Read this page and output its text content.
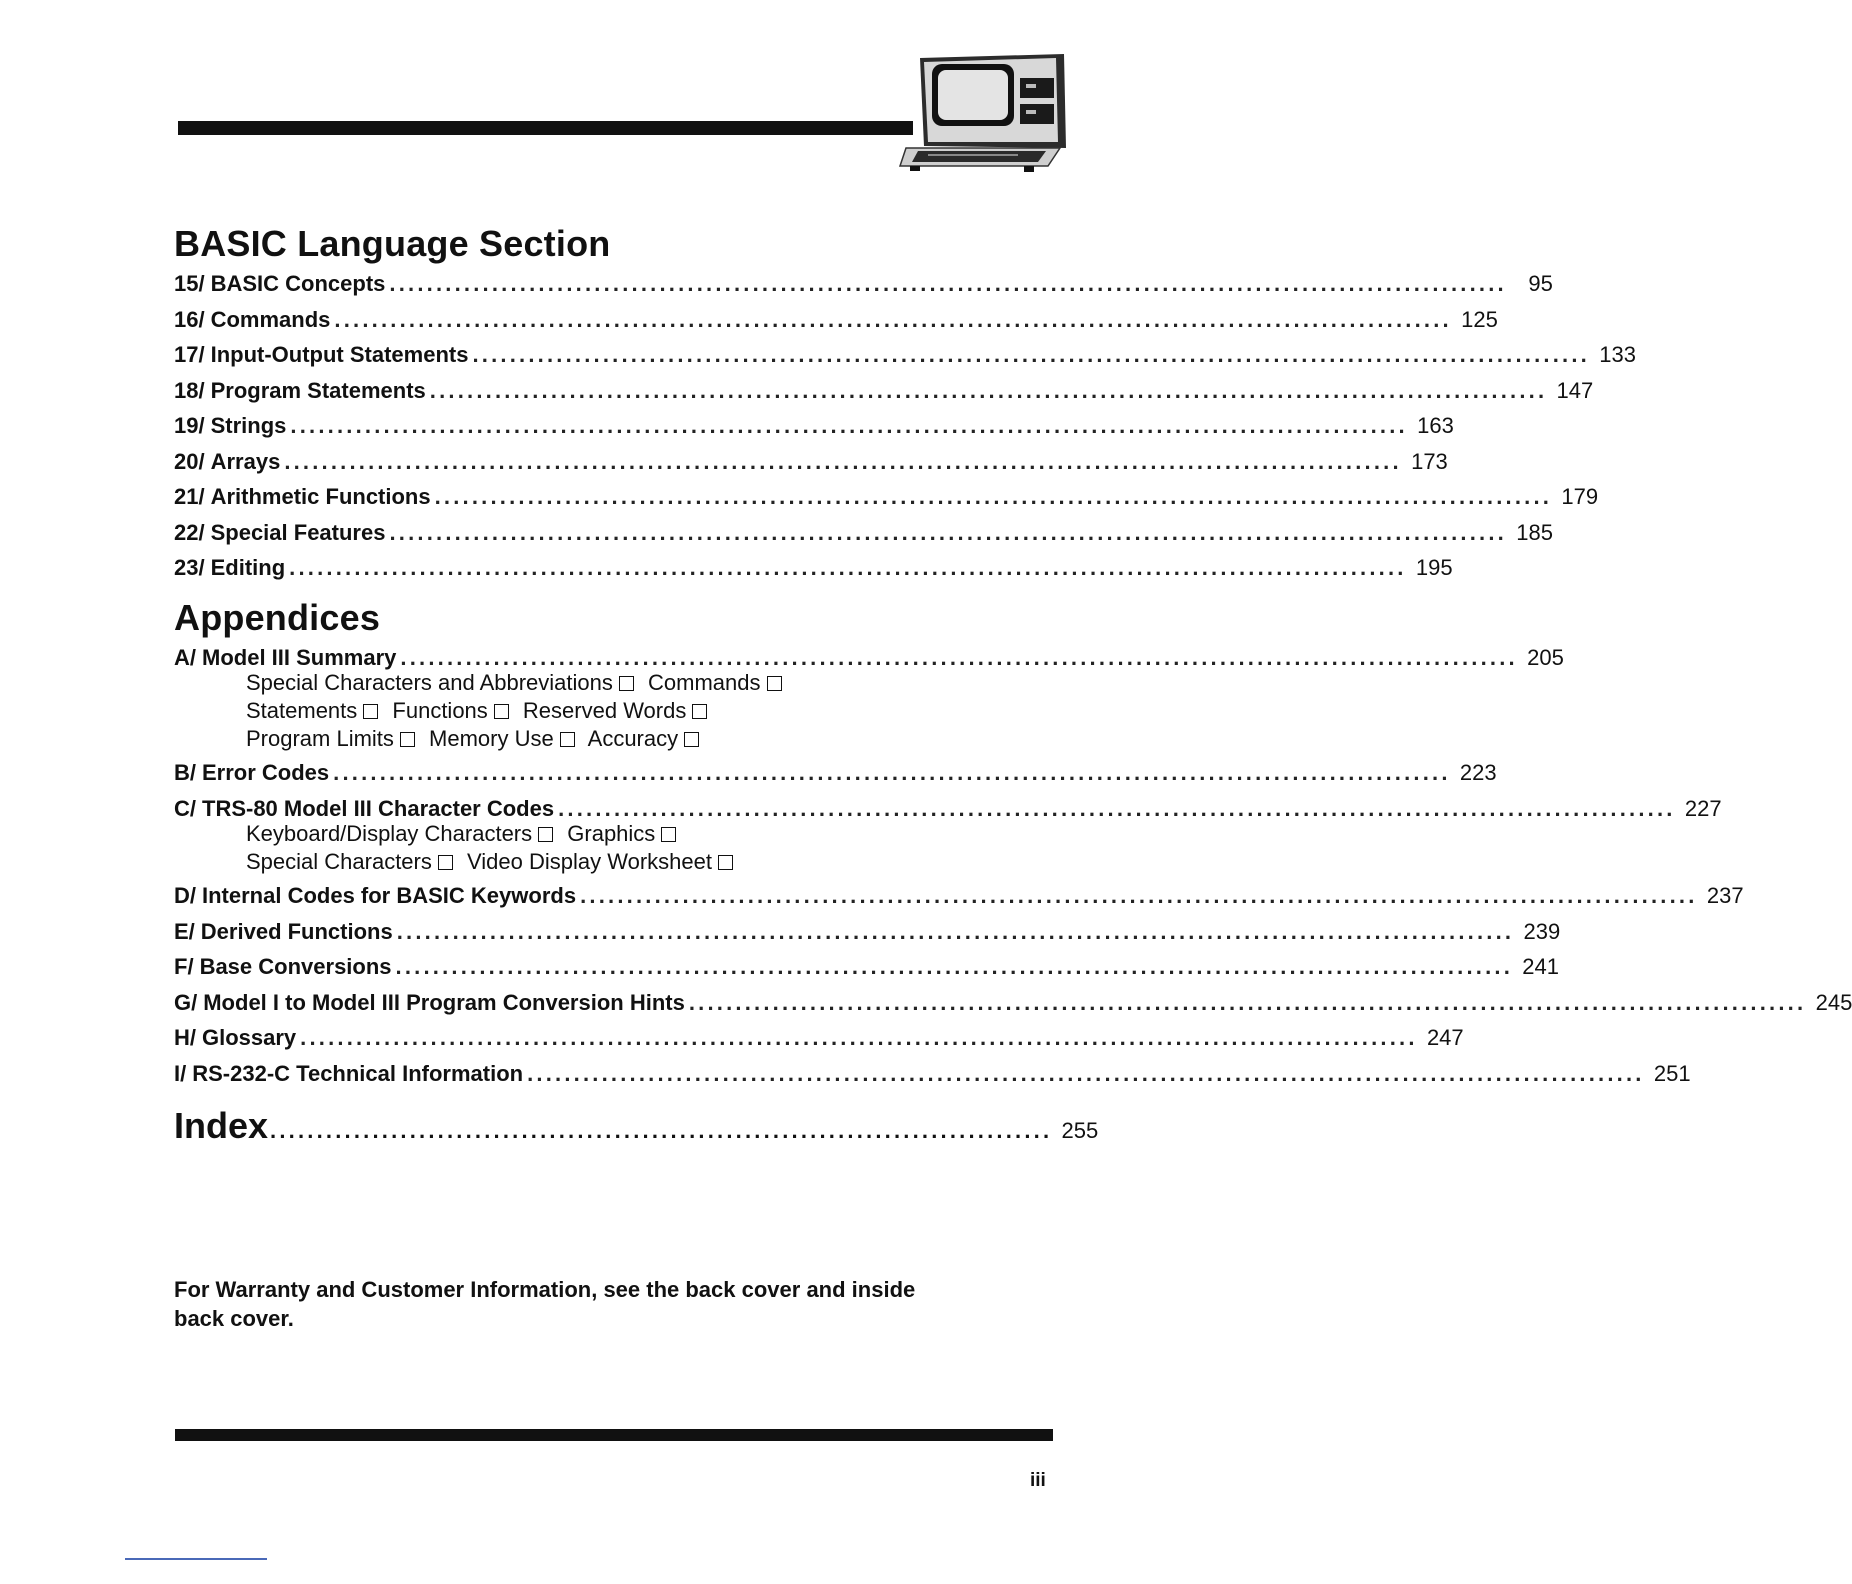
BASIC Language Section
15/ BASIC Concepts ........................................................................................................................ 95
16/ Commands ........................................................................................................................ 125
17/ Input-Output Statements ........................................................................................................................ 133
18/ Program Statements ........................................................................................................................ 147
19/ Strings ........................................................................................................................ 163
20/ Arrays ........................................................................................................................ 173
21/ Arithmetic Functions ........................................................................................................................ 179
22/ Special Features ........................................................................................................................ 185
23/ Editing ........................................................................................................................ 195
Appendices
A/ Model III Summary ........................................................................................................................ 205
Special Characters and Abbreviations Commands Statements Functions Reserved Words Program Limits Memory Use Accuracy
B/ Error Codes ........................................................................................................................ 223
C/ TRS-80 Model III Character Codes ........................................................................................................................ 227
Keyboard/Display Characters Graphics Special Characters Video Display Worksheet
D/ Internal Codes for BASIC Keywords ........................................................................................................................ 237
E/ Derived Functions ........................................................................................................................ 239
F/ Base Conversions ........................................................................................................................ 241
G/ Model I to Model III Program Conversion Hints ........................................................................................................................ 245
H/ Glossary ........................................................................................................................ 247
I/ RS-232-C Technical Information ........................................................................................................................ 251
Index .................................................................................... 255
For Warranty and Customer Information, see the back cover and inside back cover.
iii
